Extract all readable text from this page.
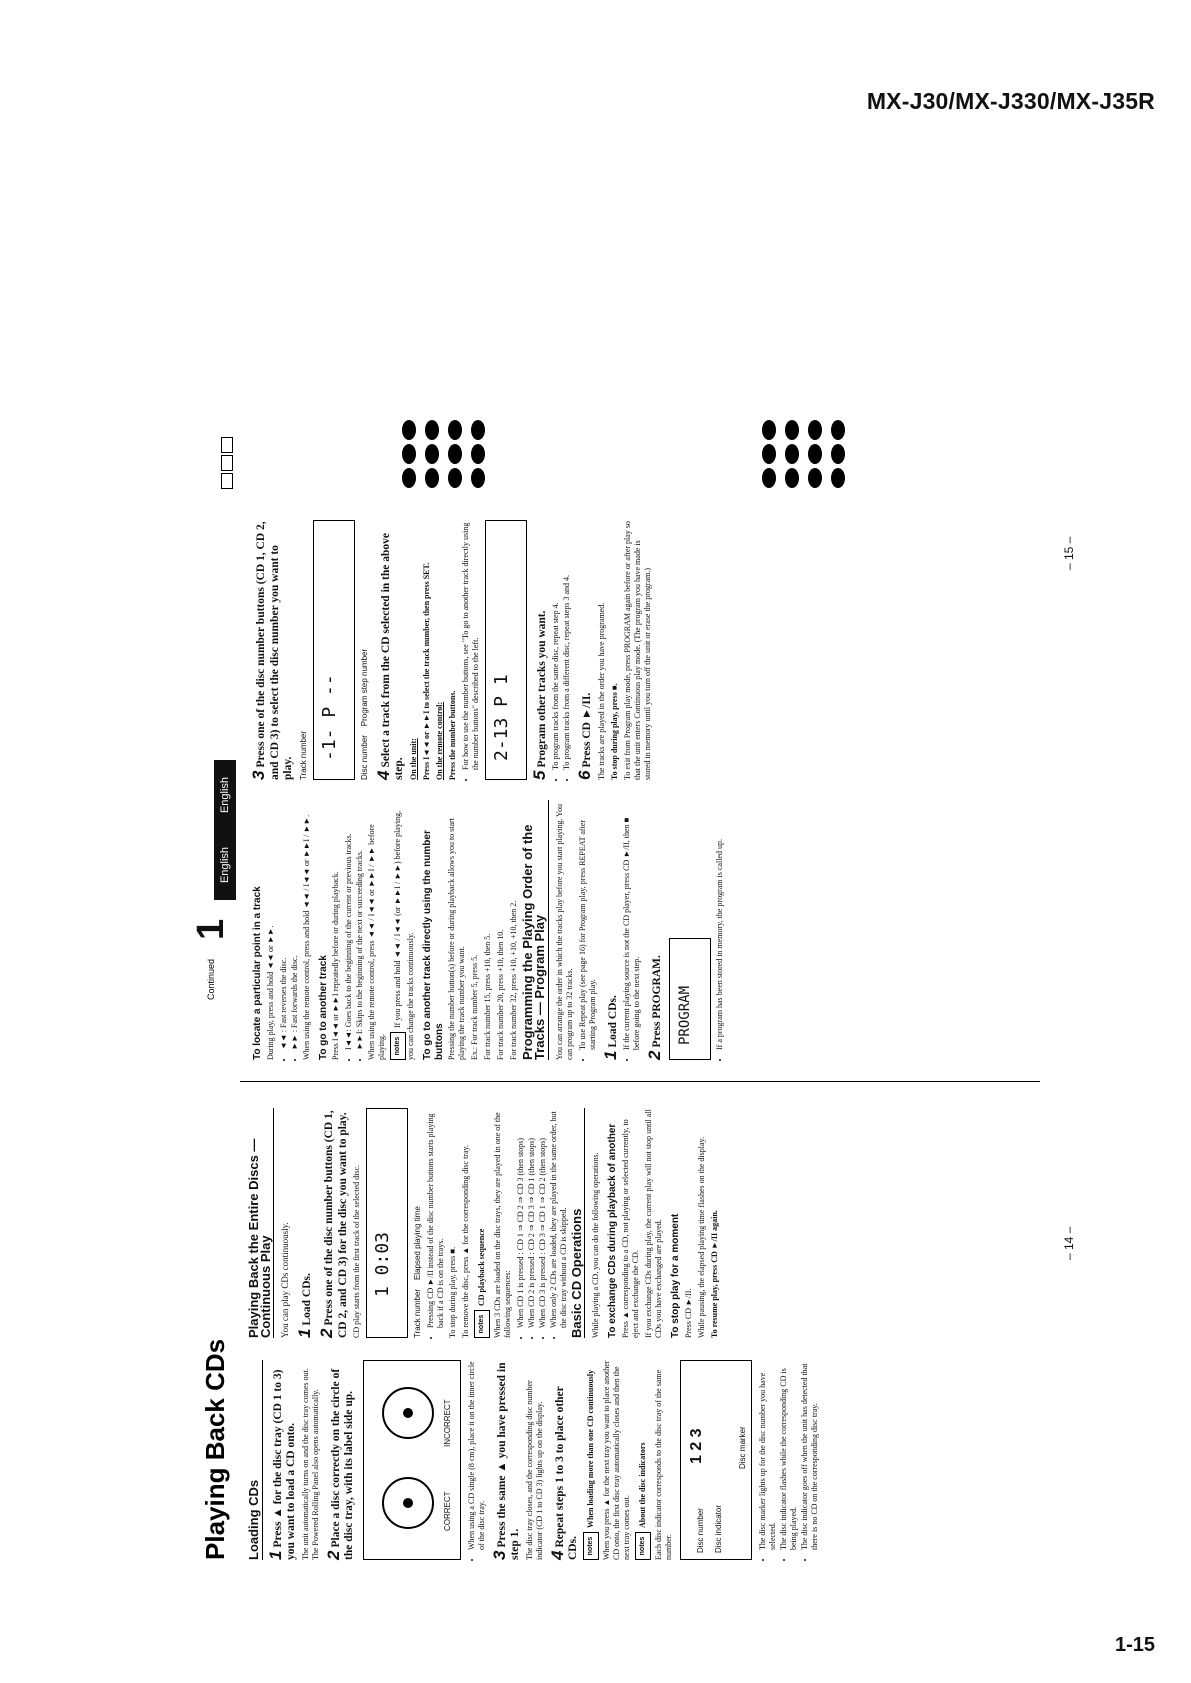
MX-J30/MX-J330/MX-J35R
1-15
Playing Back CDs
Continued
1
English
English
– 14 –
– 15 –
Loading CDs 1Press ▲ for the disc tray (CD 1 to 3) you want to load a CD onto. The unit automatically turns on and the disc tray comes out. The Powered Rolling Panel also opens automatically. 2Place a disc correctly on the circle of the disc tray, with its label side up.	CORRECT
INCORRECT • When using a CD single (8 cm), place it on the inner circle of the disc tray.
3Press the same ▲ you have pressed in step 1. The disc tray closes, and the corresponding disc number indicator (CD 1 to CD 3) lights up on the display. 4Repeat steps 1 to 3 to place other CDs.	notesWhen loading more than one CD continuously When you press ▲ for the next tray you want to place another CD onto, the first disc tray automatically closes and then the next tray comes out.	notesAbout the disc indicators Each disc indicator corresponds to the disc tray of the same number.	Disc number Disc indicator
Disc marker
1 2 3	• The disc marker lights up for the disc number you have selected. • The disc indicator flashes while the corresponding CD is being played. • The disc indicator goes off when the unit has detected that there is no CD on the corresponding disc tray.
Playing Back the Entire Discs — Continuous Play You can play CDs continuously. 1Load CDs.
2Press one of the disc number buttons (CD 1, CD 2, and CD 3) for the disc you want to play. CD play starts from the first track of the selected disc. 1 0:03
Track number    Elapsed playing time • Pressing CD ►/II instead of the disc number buttons starts playing back if a CD is on the trays. To stop during play, press ■. To remove the disc, press ▲ for the corresponding disc tray.	notesCD playback sequence When 3 CDs are loaded on the disc trays, they are played in one of the following sequences: • When CD 1 is pressed : CD 1 ⇒ CD 2 ⇒ CD 3 (then stops) • When CD 2 is pressed : CD 2 ⇒ CD 3 ⇒ CD 1 (then stops) • When CD 3 is pressed : CD 3 ⇒ CD 1 ⇒ CD 2 (then stops) • When only 2 CDs are loaded, they are played in the same order, but the disc tray without a CD is skipped. Basic CD Operations While playing a CD, you can do the following operations. To exchange CDs during playback of another Press ▲ corresponding to a CD, not playing or selected currently, to eject and exchange the CD. If you exchange CDs during play, the current play will not stop until all CDs you have exchanged are played. To stop play for a moment Press CD ►/II. While pausing, the elapsed playing time flashes on the display. To resume play, press CD ►/II again.

To locate a particular point in a track During play, press and hold ◄◄ or ►►. • ◄◄ : Fast reverses the disc. • ►► : Fast forwards the disc. When using the remote control, press and hold ◄◄ / I◄◄ or ►►I / ►►. To go to another track Press I◄◄ or ►►I repeatedly before or during playback. • I◄◄: Goes back to the beginning of the current or previous tracks. • ►►I: Skips to the beginning of the next or succeeding tracks. When using the remote control, press ◄◄ / I◄◄ or ►►I / ►► before playing.	notesIf you press and hold ◄◄ / I◄◄ (or ►►I / ►►) before playing, you can change the tracks continuously. To go to another track directly using the number buttons Pressing the number button(s) before or during playback allows you to start playing the track number you want. Ex.: For track number 5, press 5. For track number 15, press +10, then 5. For track number 20, press +10, then 10. For track number 32, press +10, +10, +10, then 2. Programming the Playing Order of the Tracks — Program Play You can arrange the order in which the tracks play before you start playing. You can program up to 32 tracks. • To use Repeat play (see page 16) for Program play, press REPEAT after starting Program play.
1Load CDs. • If the current playing source is not the CD player, press CD ►/II, then ■ before going to the next step.
2Press PROGRAM. PROGRAM	• If a program has been stored in memory, the program is called up.
3Press one of the disc number buttons (CD 1, CD 2, and CD 3) to select the disc number you want to play. Track number -1- P --	Disc number    Program step number
4Select a track from the CD selected in the above step. On the unit: Press I◄◄ or ►►I to select the track number, then press SET. On the remote control: Press the number buttons. • For how to use the number buttons, see "To go to another track directly using the number buttons" described to the left. 2-13 P 1
5Program other tracks you want. • To program tracks from the same disc, repeat step 4. • To program tracks from a different disc, repeat steps 3 and 4.
6Press CD ►/II. The tracks are played in the order you have programed. To stop during play, press ■. To exit from Program play mode, press PROGRAM again before or after play so that the unit enters Continuous play mode. (The program you have made is stored in memory until you turn off the unit or erase the program.)
